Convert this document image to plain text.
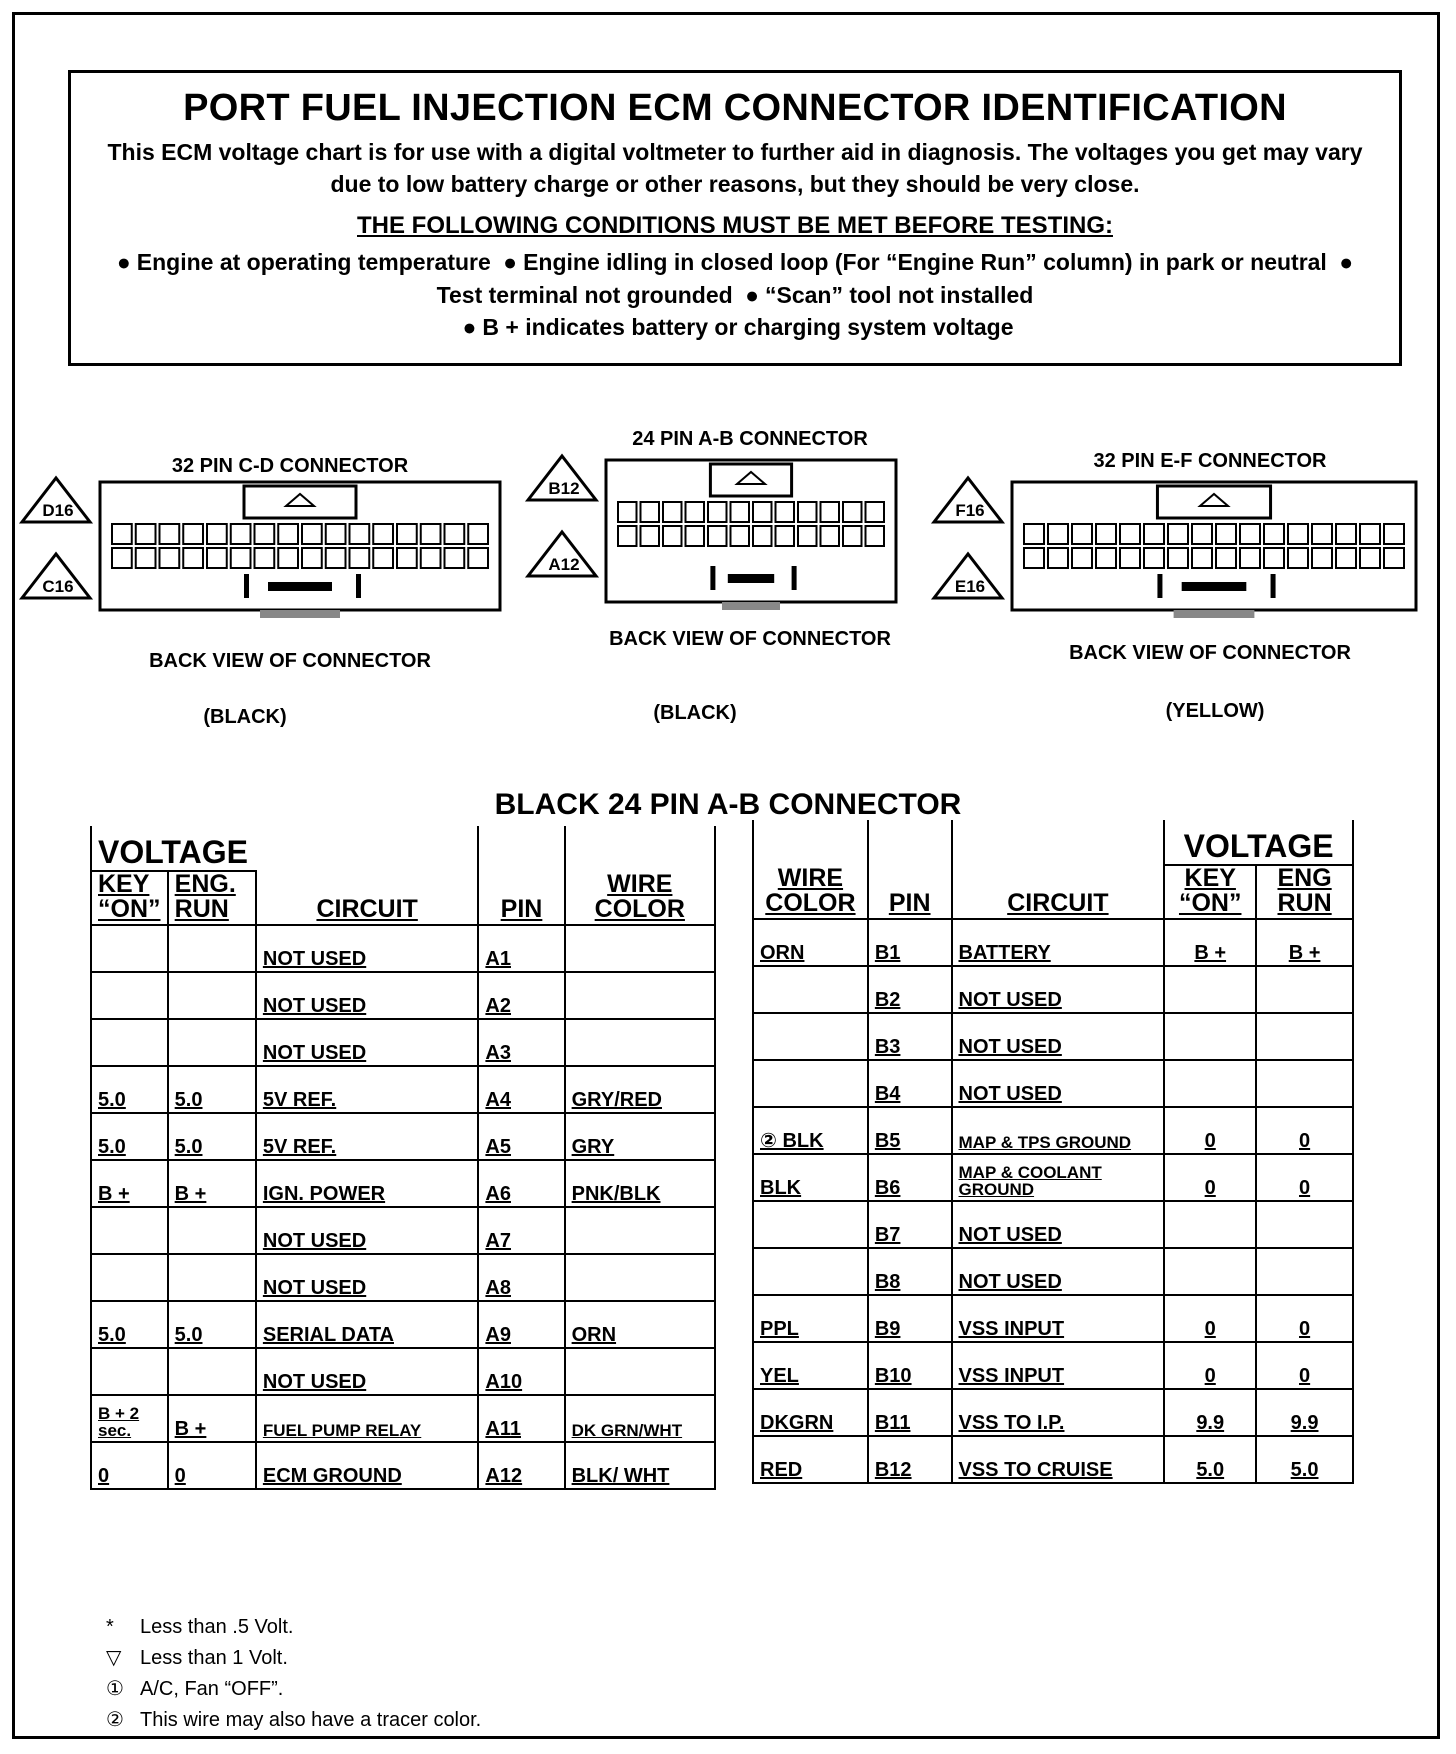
PORT FUEL INJECTION ECM CONNECTOR IDENTIFICATION
This ECM voltage chart is for use with a digital voltmeter to further aid in diagnosis. The voltages you get may vary due to low battery charge or other reasons, but they should be very close.
THE FOLLOWING CONDITIONS MUST BE MET BEFORE TESTING:
● Engine at operating temperature ● Engine idling in closed loop (For “Engine Run” column) in park or neutral ●Test terminal not grounded ● “Scan” tool not installed
● B + indicates battery or charging system voltage
D16
C16
B12
A12
F16
E16
32 PIN C-D CONNECTOR
BACK VIEW OF CONNECTOR
(BLACK)
24 PIN A-B CONNECTOR
BACK VIEW OF CONNECTOR
(BLACK)
32 PIN E-F CONNECTOR
BACK VIEW OF CONNECTOR
(YELLOW)
BLACK 24 PIN A-B CONNECTOR
VOLTAGE		CIRCUIT	PIN	WIRE COLOR
KEY “ON”	ENG. RUN			
		NOT USED	A1	
		NOT USED	A2	
		NOT USED	A3	
5.0	5.0	5V REF.	A4	GRY/RED
5.0	5.0	5V REF.	A5	GRY
B +	B +	IGN. POWER	A6	PNK/BLK
		NOT USED	A7	
		NOT USED	A8	
5.0	5.0	SERIAL DATA	A9	ORN
		NOT USED	A10	
B + 2 sec.	B +	FUEL PUMP RELAY	A11	DK GRN/WHT
0	0	ECM GROUND	A12	BLK/ WHT
WIRE COLOR	PIN	CIRCUIT	VOLTAGE	
			KEY “ON”	ENG RUN
ORN	B1	BATTERY	B +	B +
	B2	NOT USED		
	B3	NOT USED		
	B4	NOT USED		
② BLK	B5	MAP & TPS GROUND	0	0
BLK	B6	MAP & COOLANT GROUND	0	0
	B7	NOT USED		
	B8	NOT USED		
PPL	B9	VSS INPUT	0	0
YEL	B10	VSS INPUT	0	0
DKGRN	B11	VSS TO I.P.	9.9	9.9
RED	B12	VSS TO CRUISE	5.0	5.0
*	Less than .5 Volt.
▽ Less than 1 Volt.
① A/C, Fan “OFF”.
② This wire may also have a tracer color.
